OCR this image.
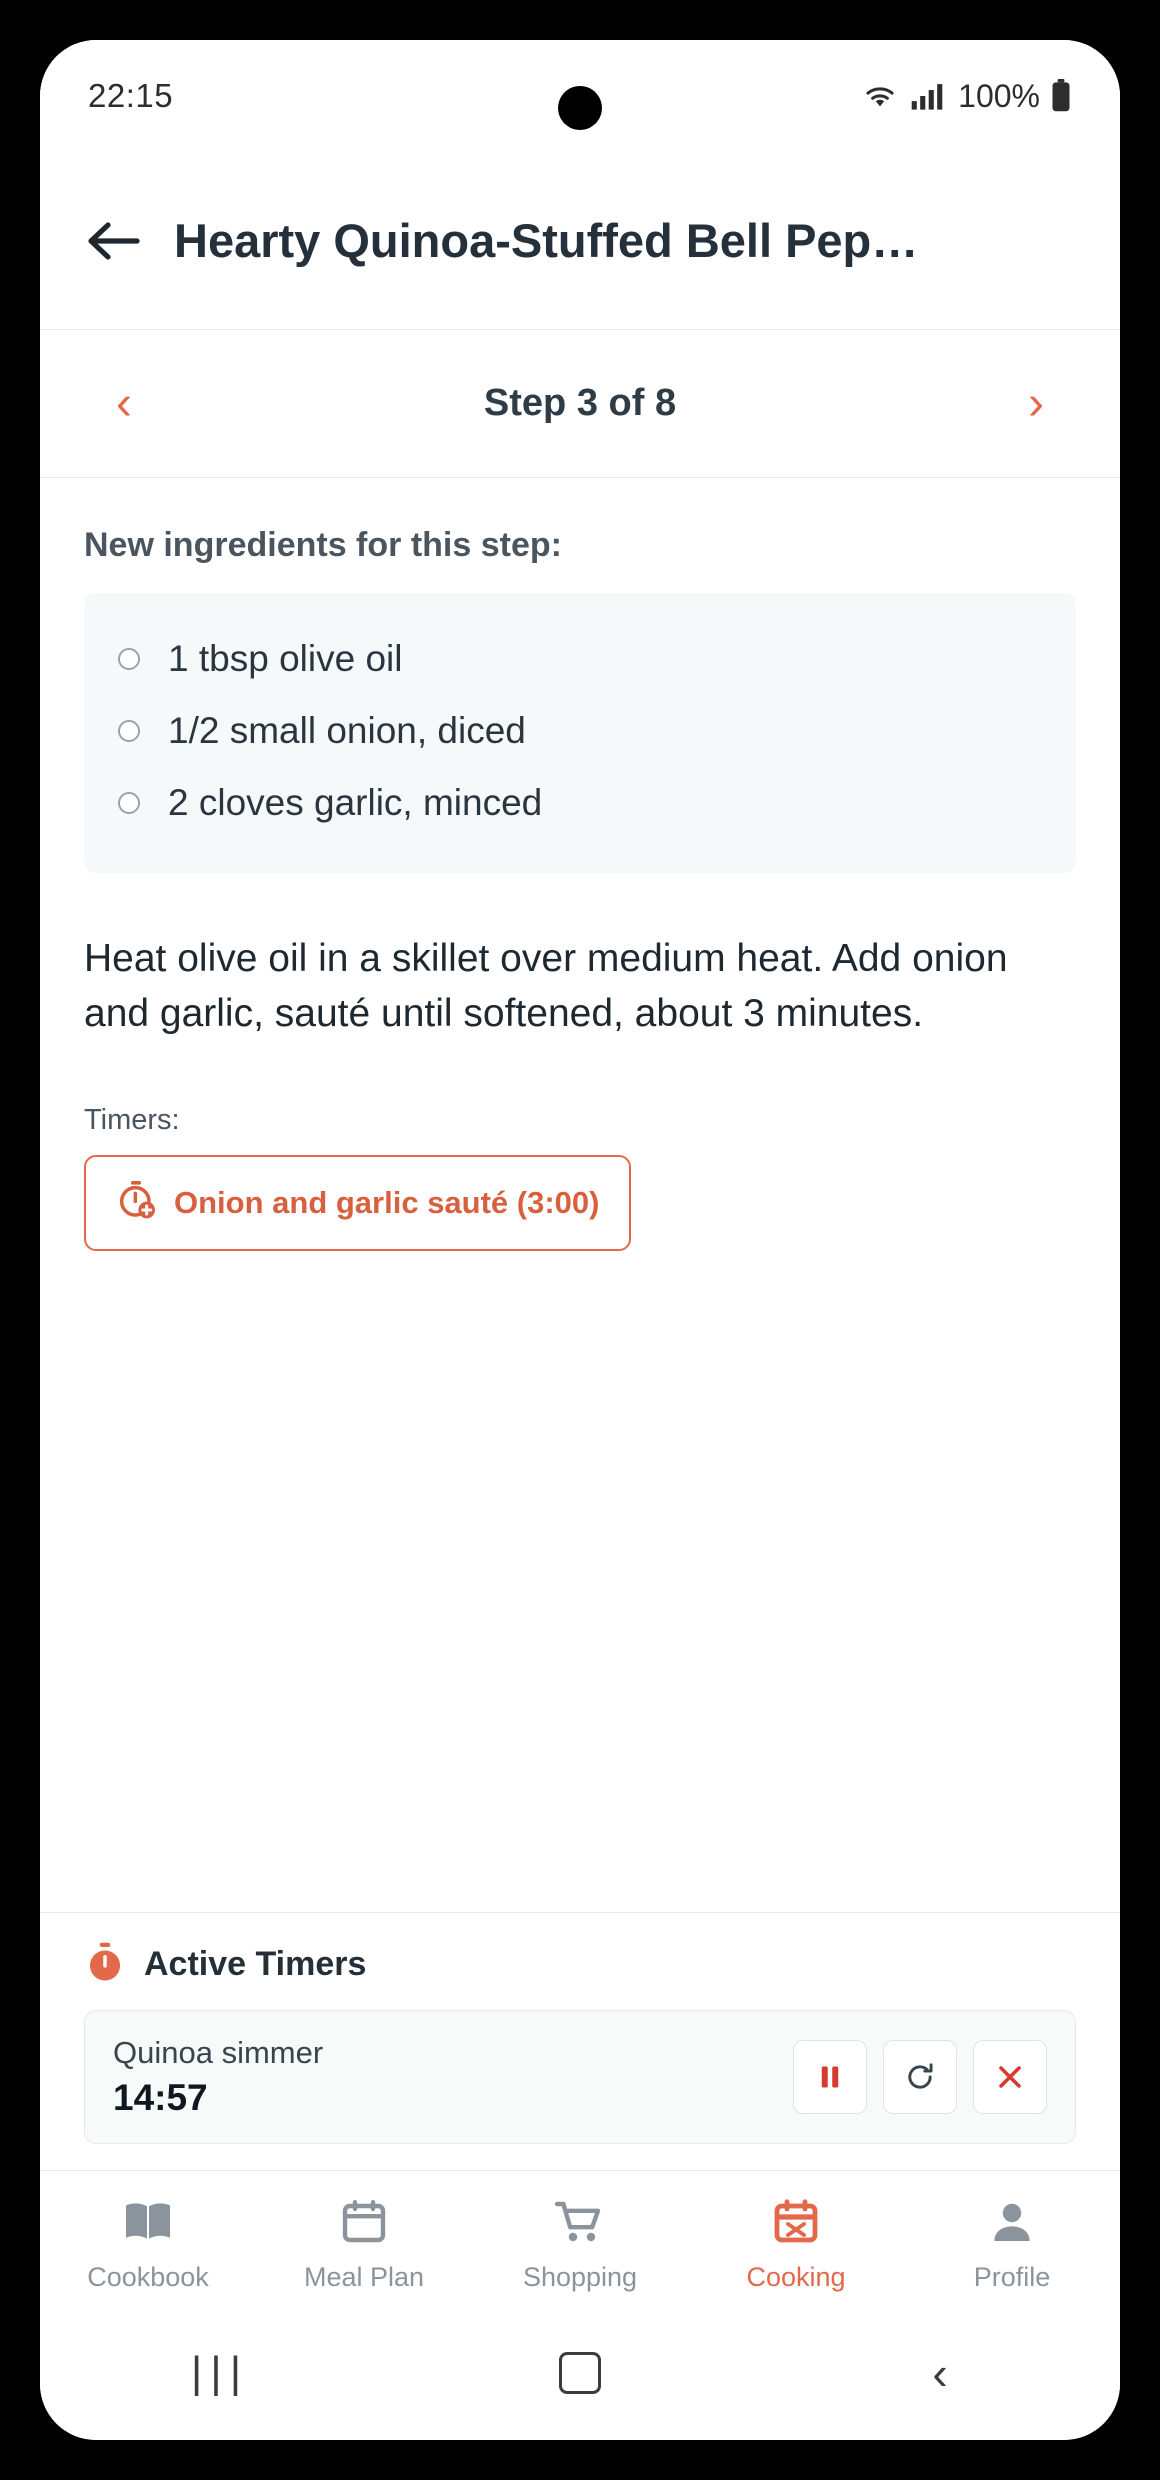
22:15	100%
Hearty Quinoa-Stuffed Bell Pep…
‹	Step 3 of 8	›
New ingredients for this step:
1 tbsp olive oil
1/2 small onion, diced
2 cloves garlic, minced
Heat olive oil in a skillet over medium heat. Add onion and garlic, sauté until softened, about 3 minutes.
Timers:
Onion and garlic sauté (3:00)
Active Timers
Quinoa simmer
14:57
Cookbook	Meal Plan	Shopping	Cooking	Profile
|||	‹
